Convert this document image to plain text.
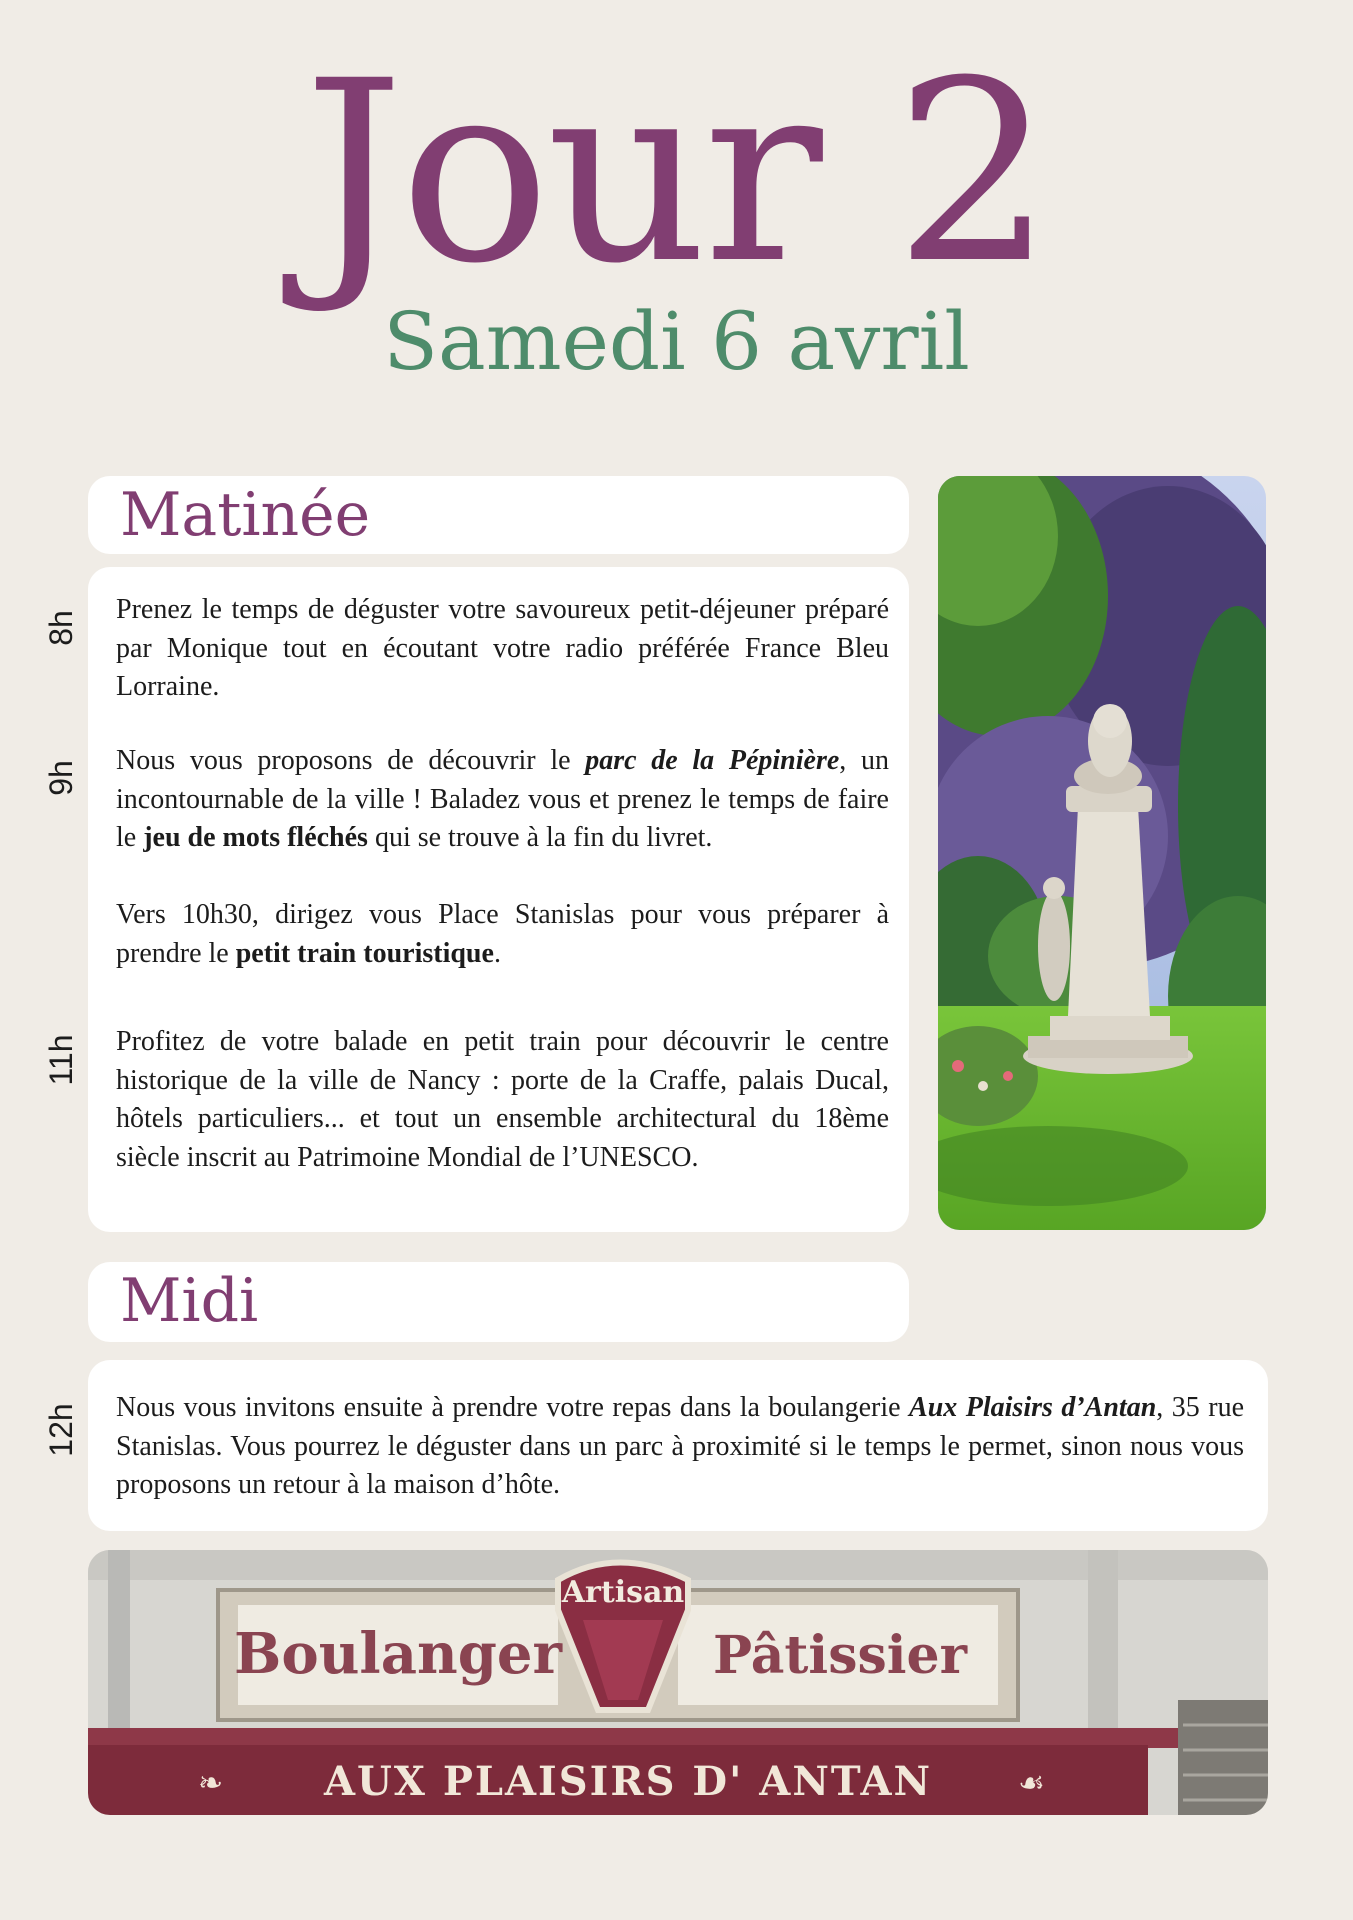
Jour 2
Samedi 6 avril
Matinée

Prenez le temps de déguster votre savoureux petit-déjeuner préparé par Monique tout en écoutant votre radio préférée France Bleu Lorraine.

Nous vous proposons de découvrir le parc de la Pépinière, un incontournable de la ville ! Baladez vous et prenez le temps de faire le jeu de mots fléchés qui se trouve à la fin du livret.

Vers 10h30, dirigez vous Place Stanislas pour vous préparer à prendre le petit train touristique.

Profitez de votre balade en petit train pour découvrir le centre historique de la ville de Nancy : porte de la Craffe, palais Ducal, hôtels particuliers... et tout un ensemble architectural du 18ème siècle inscrit au Patrimoine Mondial de l’UNESCO.

8h
9h
11h
Midi

Nous vous invitons ensuite à prendre votre repas dans la boulangerie Aux Plaisirs d’Antan, 35 rue Stanislas. Vous pourrez le déguster dans un parc à proximité si le temps le permet, sinon nous vous proposons un retour à la maison d’hôte.

12h
Boulanger	Pâtissier
Artisan
AUX PLAISIRS D' ANTAN
❧	☙
